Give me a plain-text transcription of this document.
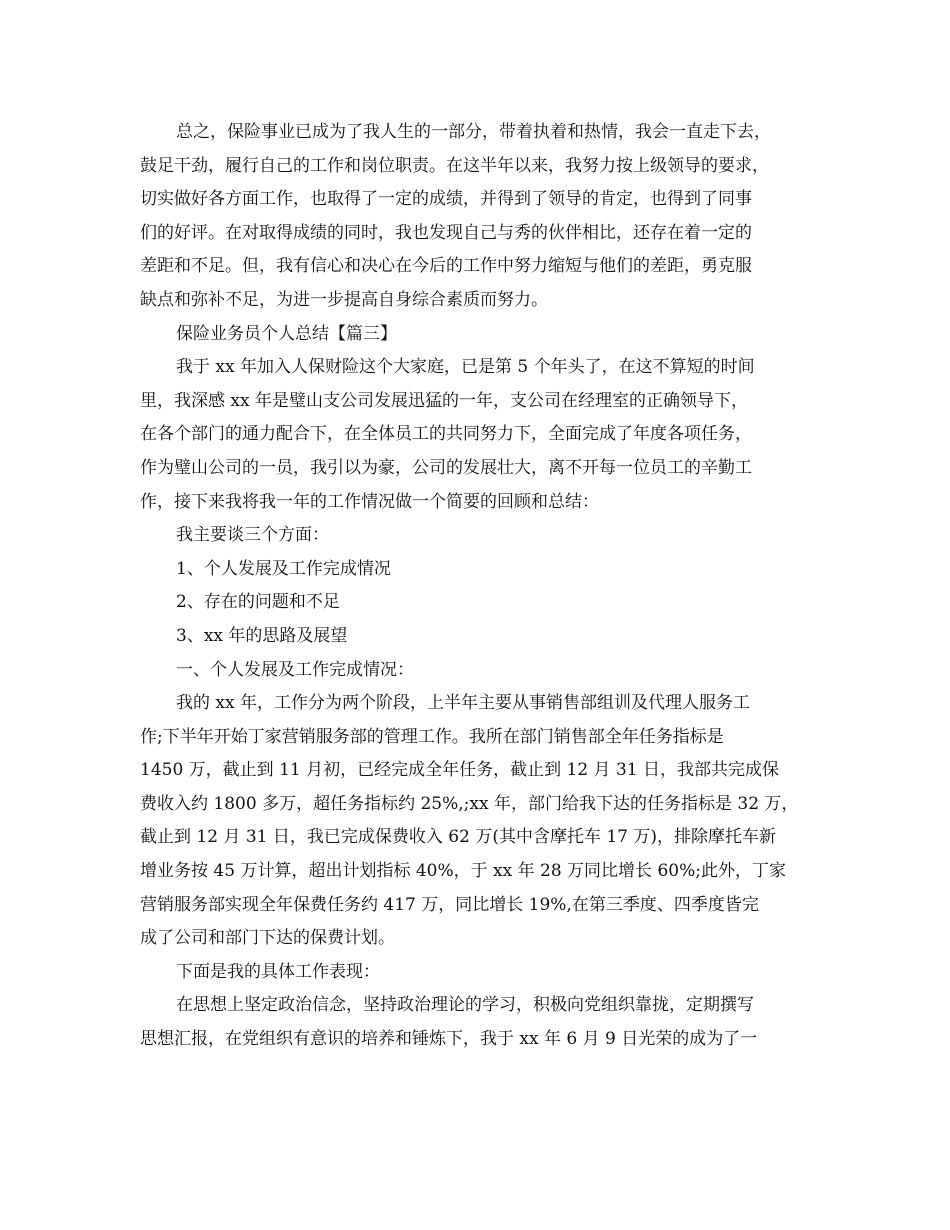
总之，保险事业已成为了我人生的一部分，带着执着和热情，我会一直走下去，
鼓足干劲，履行自己的工作和岗位职责。在这半年以来，我努力按上级领导的要求，
切实做好各方面工作，也取得了一定的成绩，并得到了领导的肯定，也得到了同事
们的好评。在对取得成绩的同时，我也发现自己与秀的伙伴相比，还存在着一定的
差距和不足。但，我有信心和决心在今后的工作中努力缩短与他们的差距，勇克服
缺点和弥补不足，为进一步提高自身综合素质而努力。
保险业务员个人总结【篇三】
我于 xx 年加入人保财险这个大家庭，已是第 5 个年头了，在这不算短的时间
里，我深感 xx 年是璧山支公司发展迅猛的一年，支公司在经理室的正确领导下，
在各个部门的通力配合下，在全体员工的共同努力下，全面完成了年度各项任务，
作为璧山公司的一员，我引以为豪，公司的发展壮大，离不开每一位员工的辛勤工
作，接下来我将我一年的工作情况做一个简要的回顾和总结：
我主要谈三个方面：
1、个人发展及工作完成情况
2、存在的问题和不足
3、xx 年的思路及展望
一、个人发展及工作完成情况：
我的 xx 年，工作分为两个阶段，上半年主要从事销售部组训及代理人服务工
作;下半年开始丁家营销服务部的管理工作。我所在部门销售部全年任务指标是
1450 万，截止到 11 月初，已经完成全年任务，截止到 12 月 31 日，我部共完成保
费收入约 1800 多万，超任务指标约 25%,;xx 年，部门给我下达的任务指标是 32 万，
截止到 12 月 31 日，我已完成保费收入 62 万(其中含摩托车 17 万)，排除摩托车新
增业务按 45 万计算，超出计划指标 40%，于 xx 年 28 万同比增长 60%;此外，丁家
营销服务部实现全年保费任务约 417 万，同比增长 19%,在第三季度、四季度皆完
成了公司和部门下达的保费计划。
下面是我的具体工作表现：
在思想上坚定政治信念，坚持政治理论的学习，积极向党组织靠拢，定期撰写
思想汇报，在党组织有意识的培养和锤炼下，我于 xx 年 6 月 9 日光荣的成为了一
